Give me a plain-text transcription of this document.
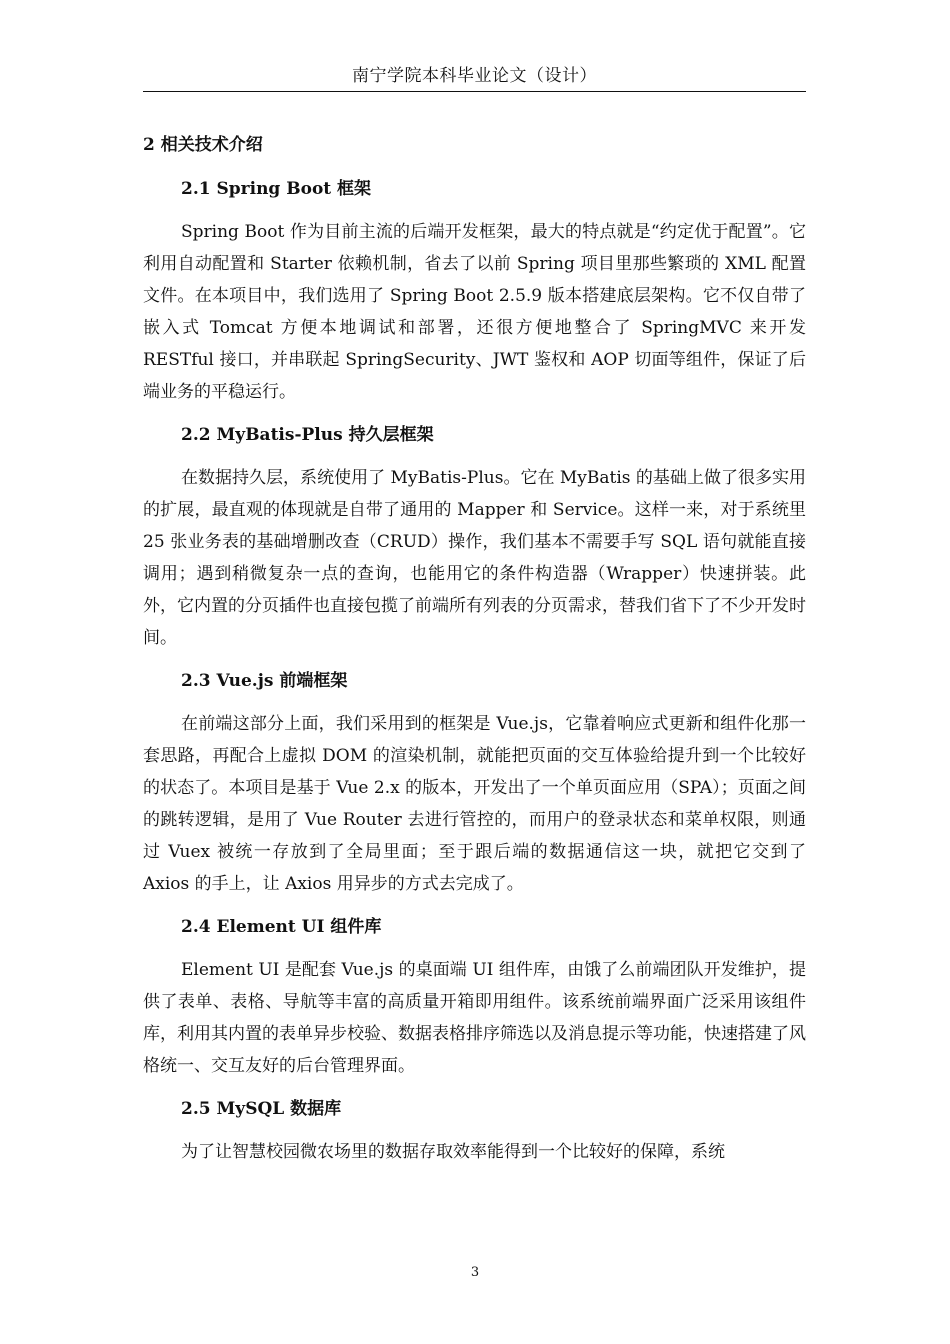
南宁学院本科毕业论文（设计）
2 相关技术介绍
2.1 Spring Boot 框架

Spring Boot 作为目前主流的后端开发框架，最大的特点就是“约定优于配置”。它利用自动配置和 Starter 依赖机制，省去了以前 Spring 项目里那些繁琐的 XML 配置文件。在本项目中，我们选用了 Spring Boot 2.5.9 版本搭建底层架构。它不仅自带了嵌入式 Tomcat 方便本地调试和部署，还很方便地整合了 SpringMVC 来开发 RESTful 接口，并串联起 SpringSecurity、JWT 鉴权和 AOP 切面等组件，保证了后端业务的平稳运行。

2.2 MyBatis-Plus 持久层框架

在数据持久层，系统使用了 MyBatis-Plus。它在 MyBatis 的基础上做了很多实用的扩展，最直观的体现就是自带了通用的 Mapper 和 Service。这样一来，对于系统里 25 张业务表的基础增删改查（CRUD）操作，我们基本不需要手写 SQL 语句就能直接调用；遇到稍微复杂一点的查询，也能用它的条件构造器（Wrapper）快速拼装。此外，它内置的分页插件也直接包揽了前端所有列表的分页需求，替我们省下了不少开发时间。

2.3 Vue.js 前端框架

在前端这部分上面，我们采用到的框架是 Vue.js，它靠着响应式更新和组件化那一套思路，再配合上虚拟 DOM 的渲染机制，就能把页面的交互体验给提升到一个比较好的状态了。本项目是基于 Vue 2.x 的版本，开发出了一个单页面应用（SPA）；页面之间的跳转逻辑，是用了 Vue Router 去进行管控的，而用户的登录状态和菜单权限，则通过 Vuex 被统一存放到了全局里面；至于跟后端的数据通信这一块，就把它交到了 Axios 的手上，让 Axios 用异步的方式去完成了。

2.4 Element UI 组件库

Element UI 是配套 Vue.js 的桌面端 UI 组件库，由饿了么前端团队开发维护，提供了表单、表格、导航等丰富的高质量开箱即用组件。该系统前端界面广泛采用该组件库，利用其内置的表单异步校验、数据表格排序筛选以及消息提示等功能，快速搭建了风格统一、交互友好的后台管理界面。

2.5 MySQL 数据库

为了让智慧校园微农场里的数据存取效率能得到一个比较好的保障，系统

3
